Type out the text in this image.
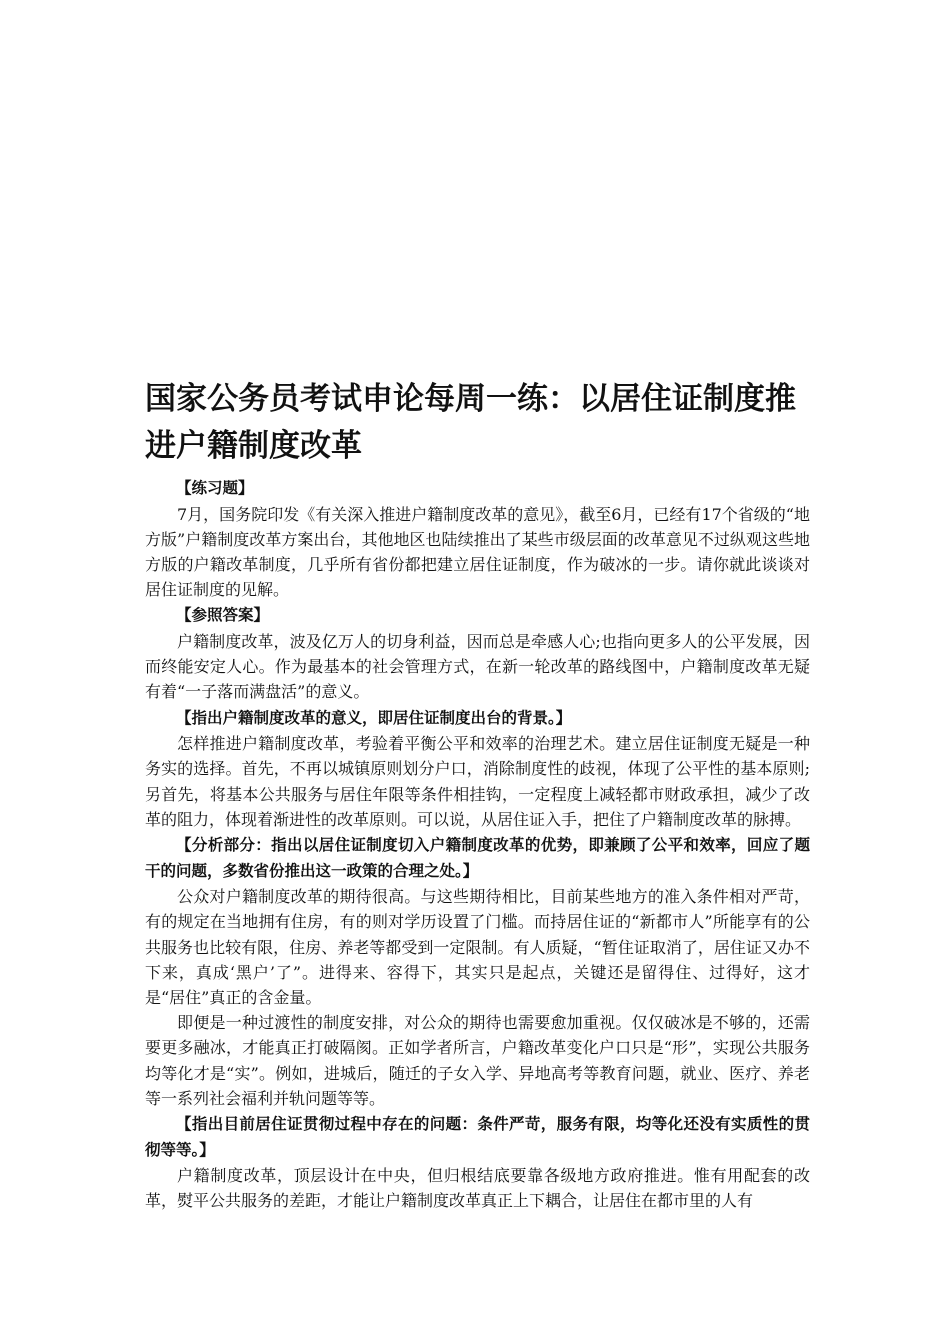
国家公务员考试申论每周一练：以居住证制度推进户籍制度改革
【练习题】

7月，国务院印发《有关深入推进户籍制度改革的意见》，截至6月，已经有17个省级的“地方版”户籍制度改革方案出台，其他地区也陆续推出了某些市级层面的改革意见不过纵观这些地方版的户籍改革制度，几乎所有省份都把建立居住证制度，作为破冰的一步。请你就此谈谈对居住证制度的见解。

【参照答案】

户籍制度改革，波及亿万人的切身利益，因而总是牵感人心;也指向更多人的公平发展，因而终能安定人心。作为最基本的社会管理方式，在新一轮改革的路线图中，户籍制度改革无疑有着“一子落而满盘活”的意义。

【指出户籍制度改革的意义，即居住证制度出台的背景。】

怎样推进户籍制度改革，考验着平衡公平和效率的治理艺术。建立居住证制度无疑是一种务实的选择。首先，不再以城镇原则划分户口，消除制度性的歧视，体现了公平性的基本原则;另首先，将基本公共服务与居住年限等条件相挂钩，一定程度上减轻都市财政承担，减少了改革的阻力，体现着渐进性的改革原则。可以说，从居住证入手，把住了户籍制度改革的脉搏。

【分析部分：指出以居住证制度切入户籍制度改革的优势，即兼顾了公平和效率，回应了题干的问题，多数省份推出这一政策的合理之处。】

公众对户籍制度改革的期待很高。与这些期待相比，目前某些地方的准入条件相对严苛，有的规定在当地拥有住房，有的则对学历设置了门槛。而持居住证的“新都市人”所能享有的公共服务也比较有限，住房、养老等都受到一定限制。有人质疑，“暂住证取消了，居住证又办不下来，真成‘黑户’了”。进得来、容得下，其实只是起点，关键还是留得住、过得好，这才是“居住”真正的含金量。

即便是一种过渡性的制度安排，对公众的期待也需要愈加重视。仅仅破冰是不够的，还需要更多融冰，才能真正打破隔阂。正如学者所言，户籍改革变化户口只是“形”，实现公共服务均等化才是“实”。例如，进城后，随迁的子女入学、异地高考等教育问题，就业、医疗、养老等一系列社会福利并轨问题等等。

【指出目前居住证贯彻过程中存在的问题：条件严苛，服务有限，均等化还没有实质性的贯彻等等。】

户籍制度改革，顶层设计在中央，但归根结底要靠各级地方政府推进。惟有用配套的改革，熨平公共服务的差距，才能让户籍制度改革真正上下耦合，让居住在都市里的人有
